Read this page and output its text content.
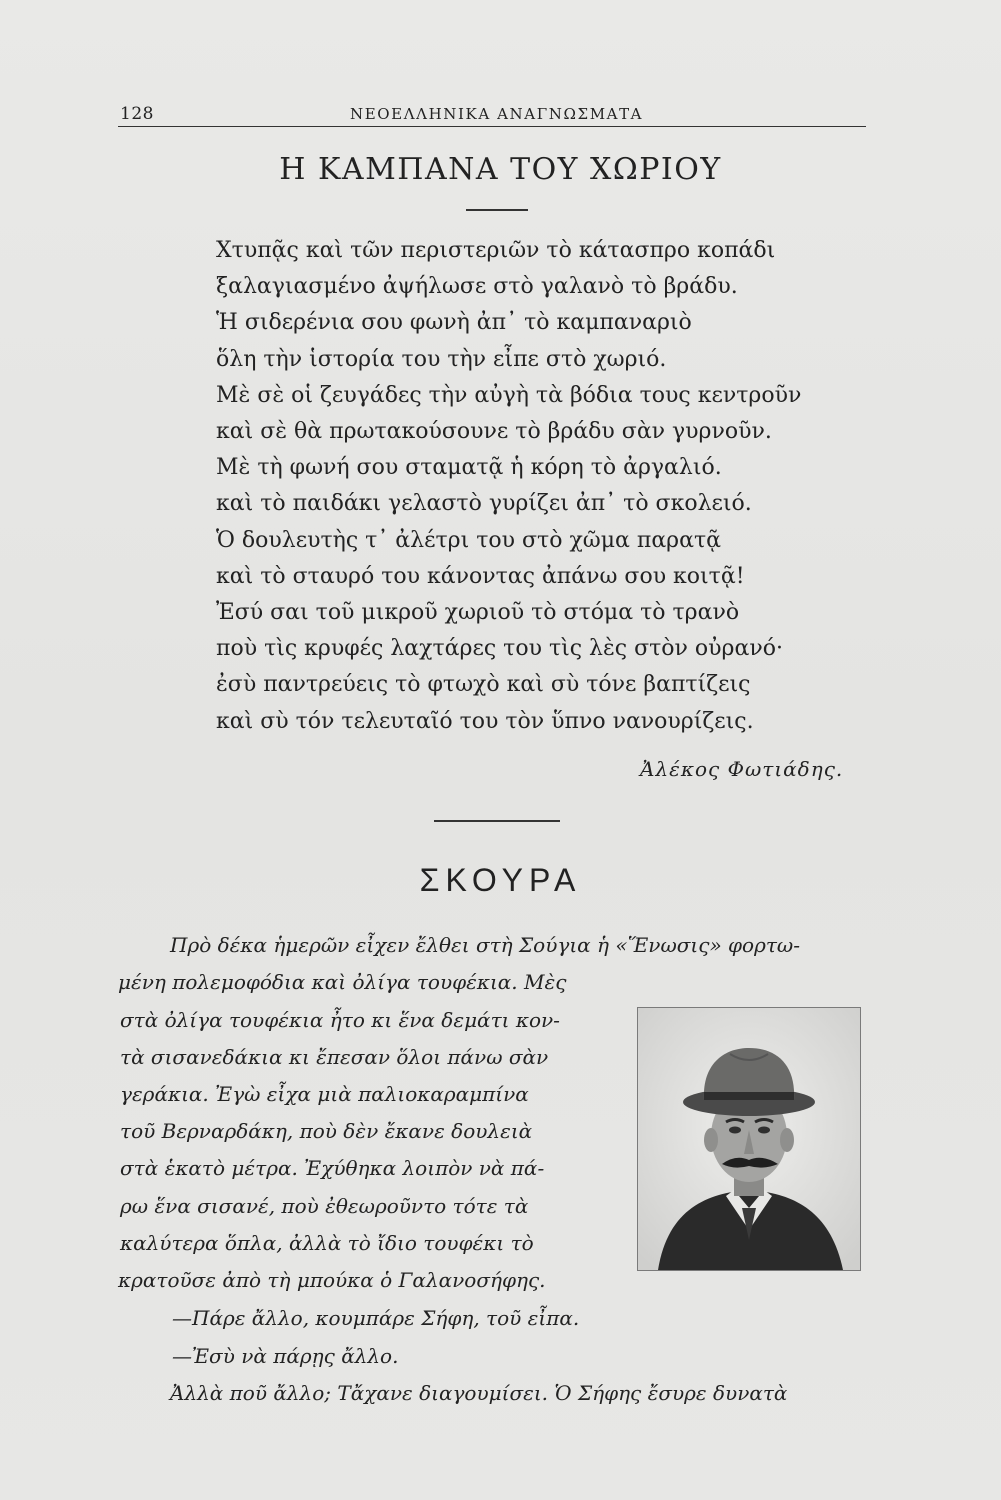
128	ΝΕΟΕΛΛΗΝΙΚΑ ΑΝΑΓΝΩΣΜΑΤΑ
Η ΚΑΜΠΑΝΑ ΤΟΥ ΧΩΡΙΟΥ
Χτυπᾷς καὶ τῶν περιστεριῶν τὸ κάτασπρο κοπάδι
ξαλαγιασμένο ἀψήλωσε στὸ γαλανὸ τὸ βράδυ.
Ἡ σιδερένια σου φωνὴ ἀπ᾽ τὸ καμπαναριὸ
ὅλη τὴν ἱστορία του τὴν εἶπε στὸ χωριό.
Μὲ σὲ οἱ ζευγάδες τὴν αὐγὴ τὰ βόδια τους κεντροῦν
καὶ σὲ θὰ πρωτακούσουνε τὸ βράδυ σὰν γυρνοῦν.
Μὲ τὴ φωνή σου σταματᾷ ἡ κόρη τὸ ἀργαλιό.
καὶ τὸ παιδάκι γελαστὸ γυρίζει ἀπ᾽ τὸ σκολειό.
Ὁ δουλευτὴς τ᾽ ἀλέτρι του στὸ χῶμα παρατᾷ
καὶ τὸ σταυρό του κάνοντας ἀπάνω σου κοιτᾷ!
Ἐσύ σαι τοῦ μικροῦ χωριοῦ τὸ στόμα τὸ τρανὸ
ποὺ τὶς κρυφές λαχτάρες του τὶς λὲς στὸν οὐρανό·
ἐσὺ παντρεύεις τὸ φτωχὸ καὶ σὺ τόνε βαπτίζεις
καὶ σὺ τόν τελευταῖό του τὸν ὕπνο νανουρίζεις.
Ἀλέκος Φωτιάδης.
ΣΚΟΥΡΑ
Πρὸ δέκα ἡμερῶν εἶχεν ἔλθει στὴ Σούγια ἡ «Ἕνωσις» φορτω-
μένη πολεμοφόδια καὶ ὀλίγα τουφέκια. Μὲς
στὰ ὀλίγα τουφέκια ἦτο κι ἕνα δεμάτι κον-
τὰ σισανεδάκια κι ἔπεσαν ὅλοι πάνω σὰν
γεράκια. Ἐγὼ εἶχα μιὰ παλιοκαραμπίνα
τοῦ Βερναρδάκη, ποὺ δὲν ἔκανε δουλειὰ
στὰ ἑκατὸ μέτρα. Ἐχύθηκα λοιπὸν νὰ πά-
ρω ἕνα σισανέ, ποὺ ἐθεωροῦντο τότε τὰ
καλύτερα ὅπλα, ἀλλὰ τὸ ἴδιο τουφέκι τὸ
κρατοῦσε ἀπὸ τὴ μπούκα ὁ Γαλανοσήφης.
—Πάρε ἄλλο, κουμπάρε Σήφη, τοῦ εἶπα.
—Ἐσὺ νὰ πάρῃς ἄλλο.
Ἀλλὰ ποῦ ἄλλο; Τἄχανε διαγουμίσει. Ὁ Σήφης ἔσυρε δυνατὰ
